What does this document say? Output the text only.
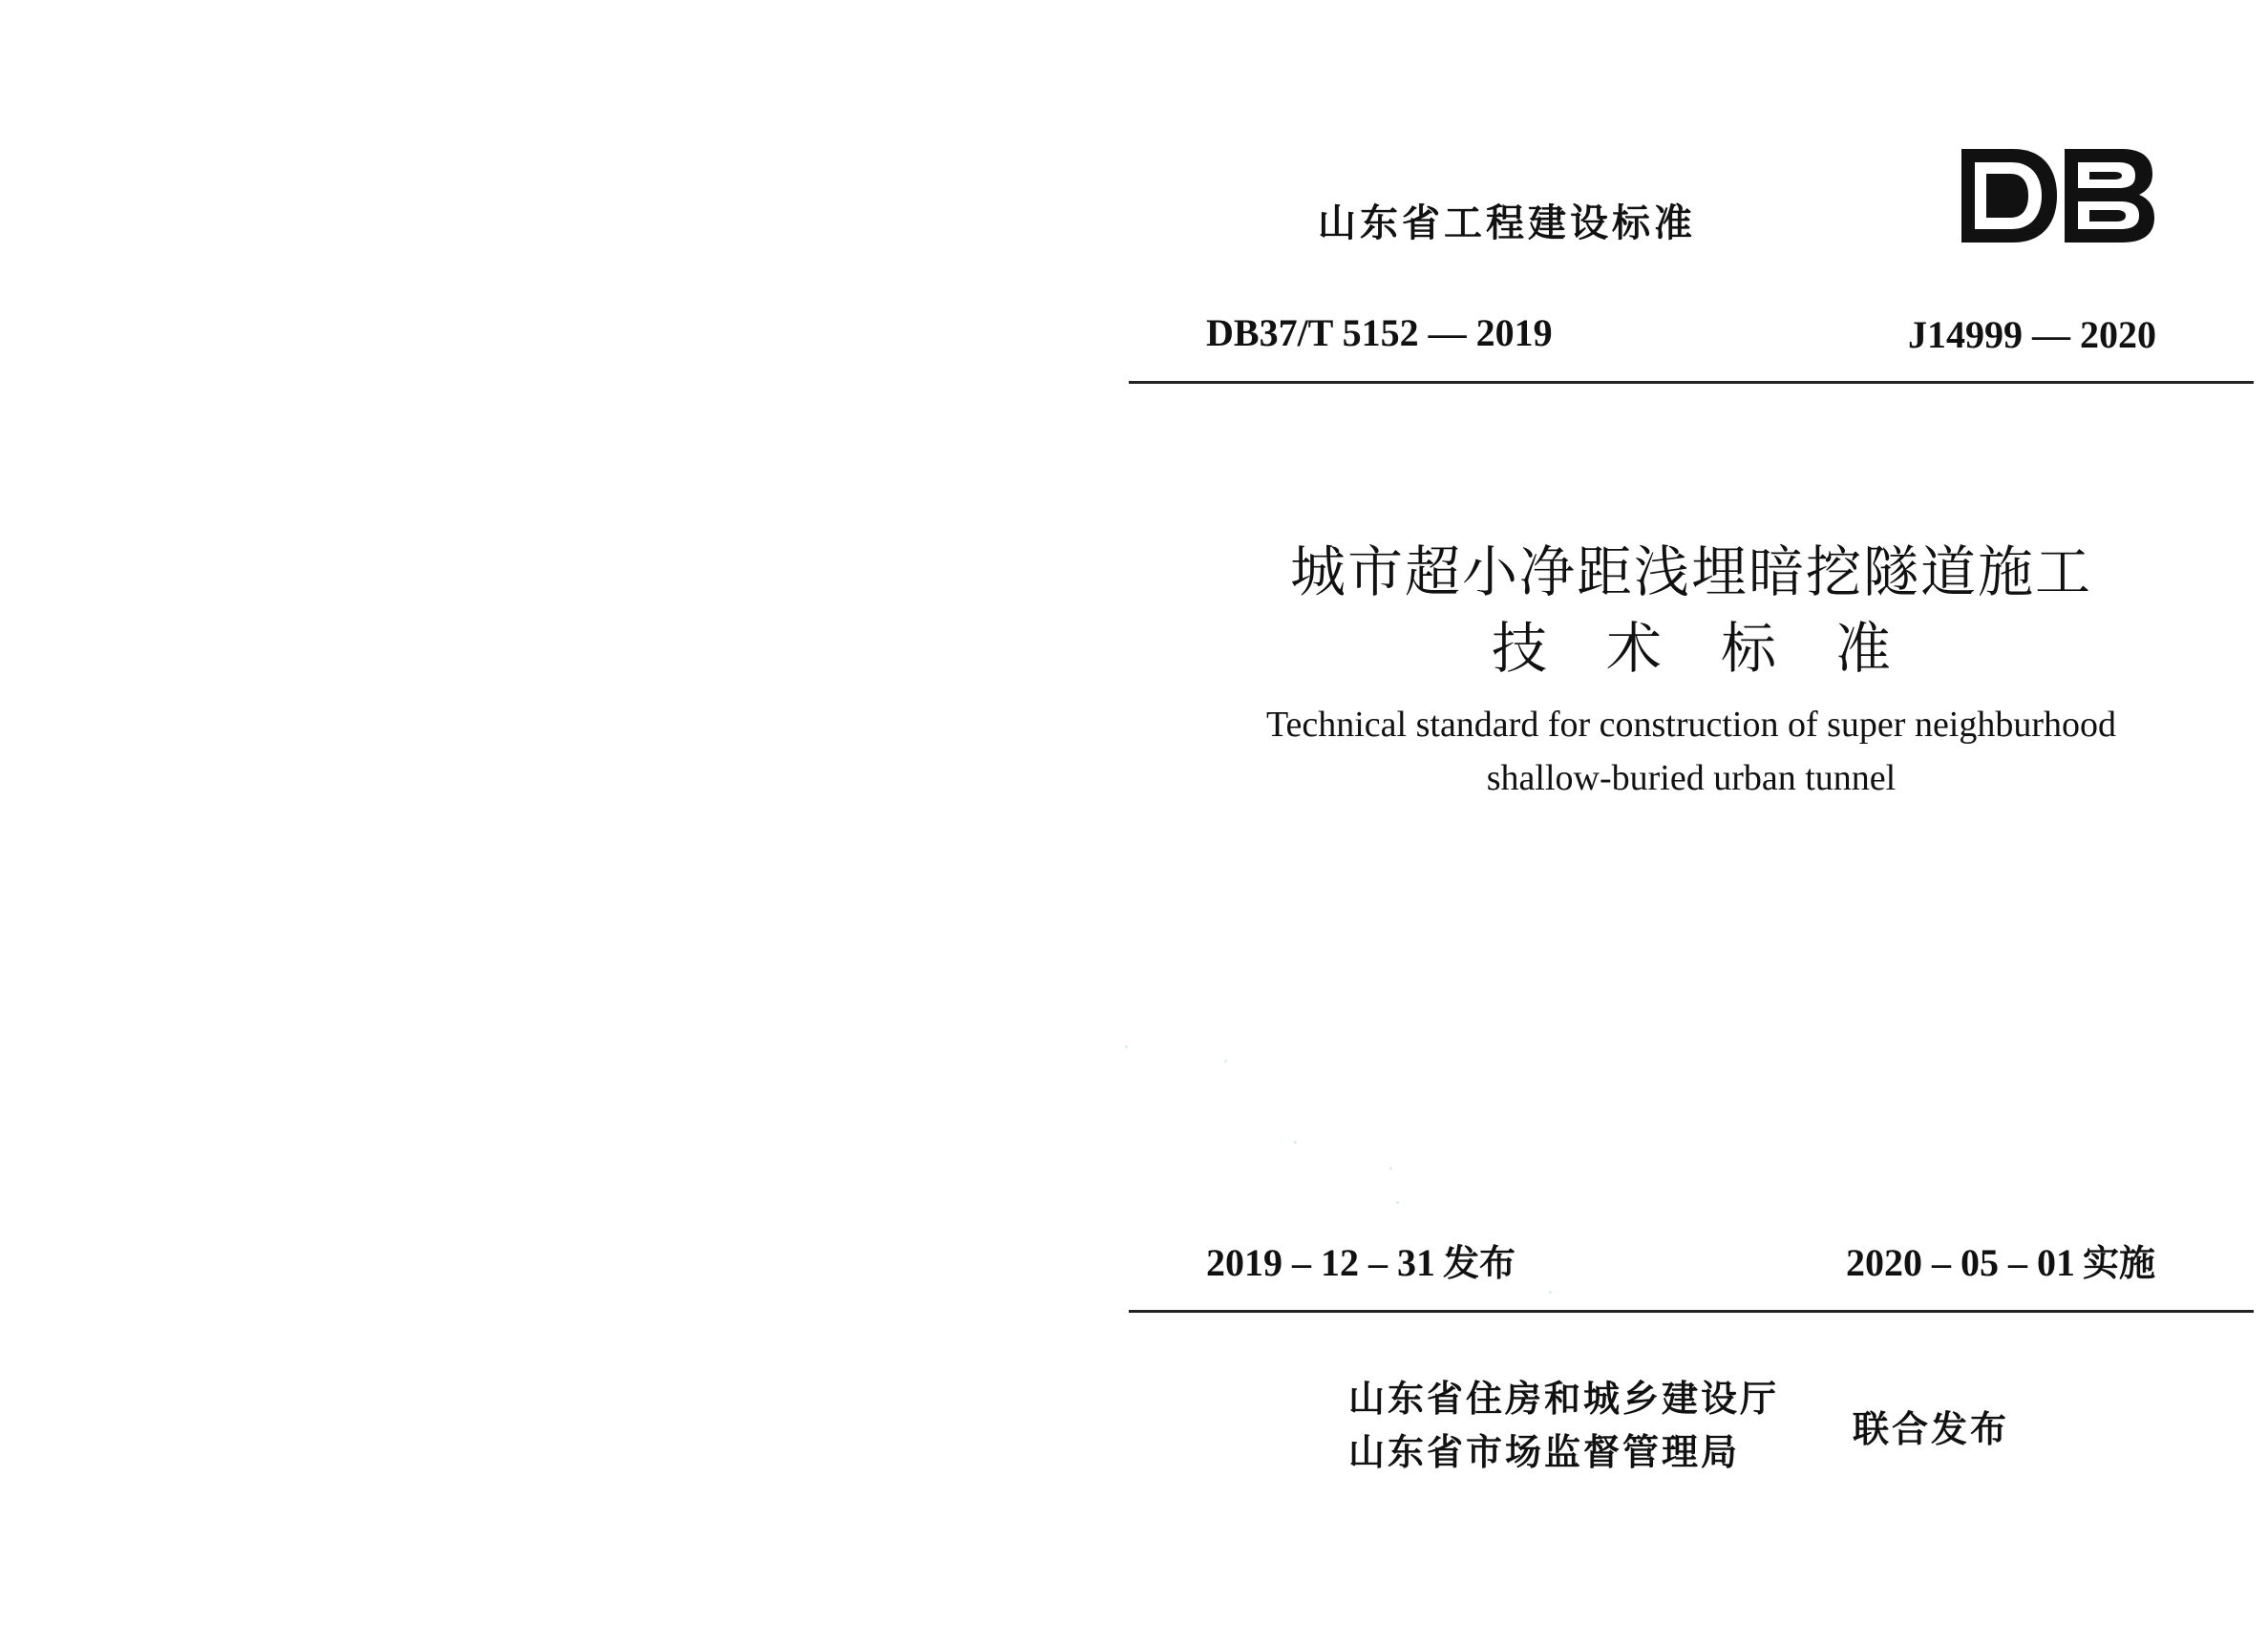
山东省工程建设标准
DB37/T 5152 — 2019	J14999 — 2020
城市超小净距浅埋暗挖隧道施工
技术标准
Technical standard for construction of super neighburhood
shallow-buried urban tunnel
2019 – 12 – 31 发布	2020 – 05 – 01 实施
山东省住房和城乡建设厅
山东省市场监督管理局
联合发布
